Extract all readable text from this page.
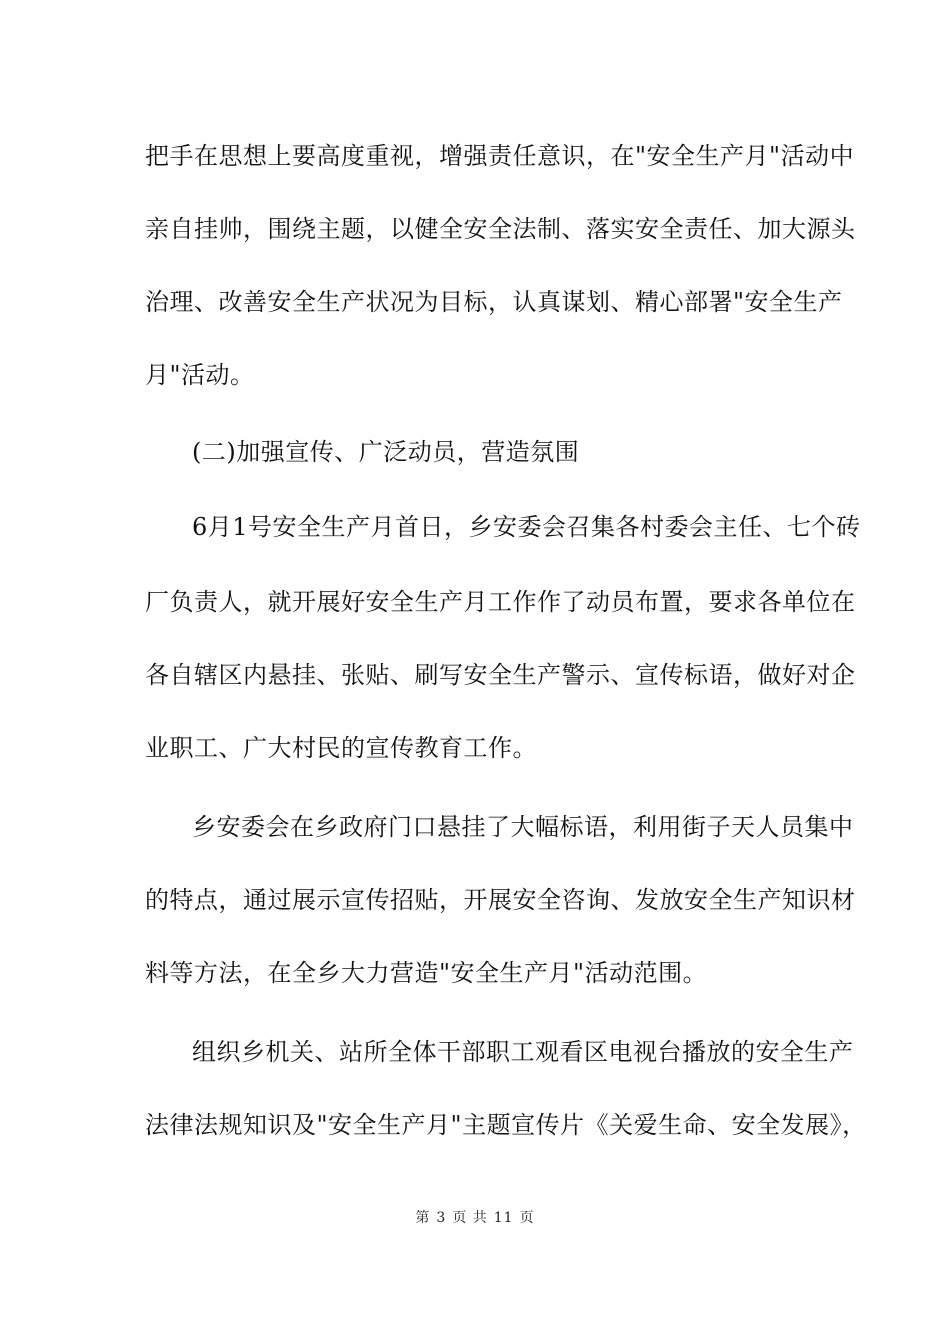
把手在思想上要高度重视，增强责任意识，在"安全生产月"活动中
亲自挂帅，围绕主题，以健全安全法制、落实安全责任、加大源头
治理、改善安全生产状况为目标，认真谋划、精心部署"安全生产
月"活动。
(二)加强宣传、广泛动员，营造氛围
6月1号安全生产月首日，乡安委会召集各村委会主任、七个砖
厂负责人，就开展好安全生产月工作作了动员布置，要求各单位在
各自辖区内悬挂、张贴、刷写安全生产警示、宣传标语，做好对企
业职工、广大村民的宣传教育工作。
乡安委会在乡政府门口悬挂了大幅标语，利用街子天人员集中
的特点，通过展示宣传招贴，开展安全咨询、发放安全生产知识材
料等方法，在全乡大力营造"安全生产月"活动范围。
组织乡机关、站所全体干部职工观看区电视台播放的安全生产
法律法规知识及"安全生产月"主题宣传片《关爱生命、安全发展》，
第 3 页 共 11 页
